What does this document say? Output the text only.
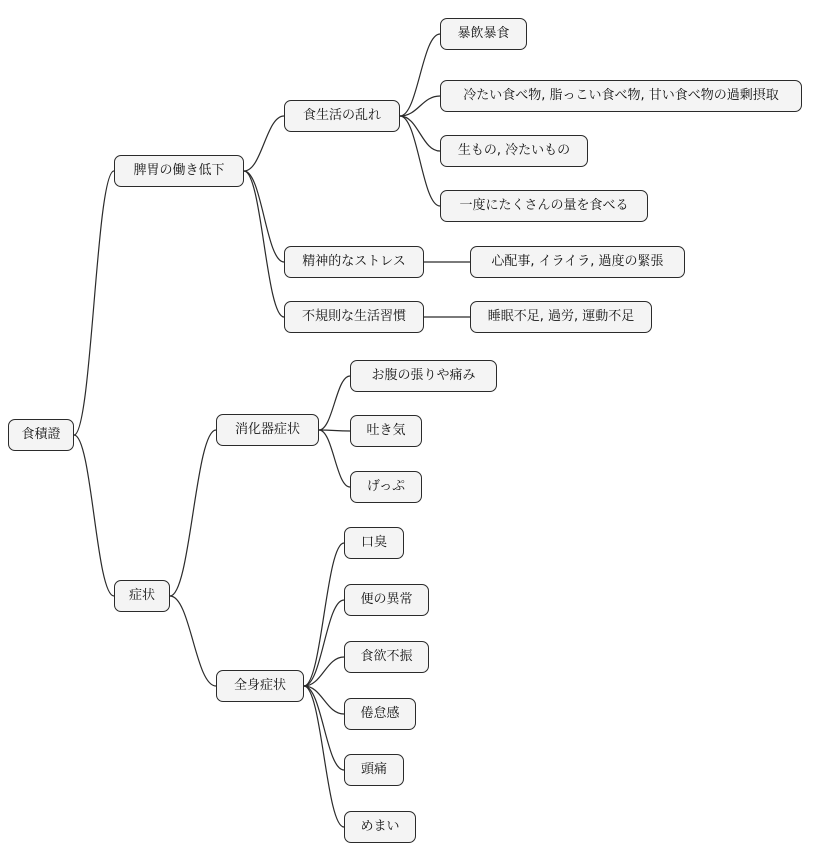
食積證
脾胃の働き低下
食生活の乱れ
暴飲暴食
冷たい食べ物, 脂っこい食べ物, 甘い食べ物の過剰摂取
生もの, 冷たいもの
一度にたくさんの量を食べる
精神的なストレス	心配事, イライラ, 過度の緊張
不規則な生活習慣	睡眠不足, 過労, 運動不足
症状
消化器症状
お腹の張りや痛み
吐き気
げっぷ
全身症状
口臭
便の異常
食欲不振
倦怠感
頭痛
めまい
